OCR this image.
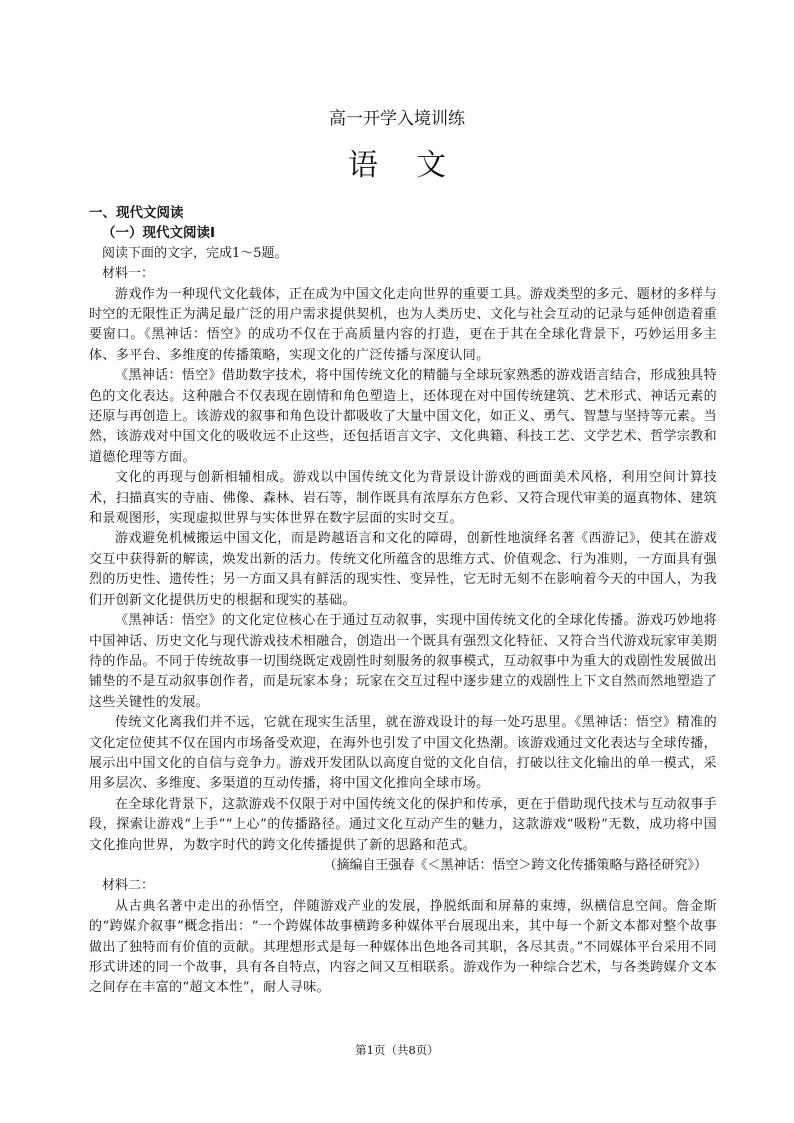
高一开学入境训练
语文
一、现代文阅读
（一）现代文阅读Ⅰ

阅读下面的文字，完成1～5题。

材料一：

游戏作为一种现代文化载体，正在成为中国文化走向世界的重要工具。游戏类型的多元、题材的多样与时空的无限性正为满足最广泛的用户需求提供契机，也为人类历史、文化与社会互动的记录与延伸创造着重要窗口。《黑神话：悟空》的成功不仅在于高质量内容的打造，更在于其在全球化背景下，巧妙运用多主体、多平台、多维度的传播策略，实现文化的广泛传播与深度认同。

《黑神话：悟空》借助数字技术，将中国传统文化的精髓与全球玩家熟悉的游戏语言结合，形成独具特色的文化表达。这种融合不仅表现在剧情和角色塑造上，还体现在对中国传统建筑、艺术形式、神话元素的还原与再创造上。该游戏的叙事和角色设计都吸收了大量中国文化，如正义、勇气、智慧与坚持等元素。当然，该游戏对中国文化的吸收远不止这些，还包括语言文字、文化典籍、科技工艺、文学艺术、哲学宗教和道德伦理等方面。

文化的再现与创新相辅相成。游戏以中国传统文化为背景设计游戏的画面美术风格，利用空间计算技术，扫描真实的寺庙、佛像、森林、岩石等，制作既具有浓厚东方色彩、又符合现代审美的逼真物体、建筑和景观图形，实现虚拟世界与实体世界在数字层面的实时交互。

游戏避免机械搬运中国文化，而是跨越语言和文化的障碍，创新性地演绎名著《西游记》，使其在游戏交互中获得新的解读，焕发出新的活力。传统文化所蕴含的思维方式、价值观念、行为准则，一方面具有强烈的历史性、遗传性；另一方面又具有鲜活的现实性、变异性，它无时无刻不在影响着今天的中国人，为我们开创新文化提供历史的根据和现实的基础。

《黑神话：悟空》的文化定位核心在于通过互动叙事，实现中国传统文化的全球化传播。游戏巧妙地将中国神话、历史文化与现代游戏技术相融合，创造出一个既具有强烈文化特征、又符合当代游戏玩家审美期待的作品。不同于传统故事一切围绕既定戏剧性时刻服务的叙事模式，互动叙事中为重大的戏剧性发展做出铺垫的不是互动叙事创作者，而是玩家本身；玩家在交互过程中逐步建立的戏剧性上下文自然而然地塑造了这些关键性的发展。

传统文化离我们并不远，它就在现实生活里，就在游戏设计的每一处巧思里。《黑神话：悟空》精准的文化定位使其不仅在国内市场备受欢迎，在海外也引发了中国文化热潮。该游戏通过文化表达与全球传播，展示出中国文化的自信与竞争力。游戏开发团队以高度自觉的文化自信，打破以往文化输出的单一模式，采用多层次、多维度、多渠道的互动传播，将中国文化推向全球市场。

在全球化背景下，这款游戏不仅限于对中国传统文化的保护和传承，更在于借助现代技术与互动叙事手段，探索让游戏“上手”“上心”的传播路径。通过文化互动产生的魅力，这款游戏“吸粉”无数，成功将中国文化推向世界，为数字时代的跨文化传播提供了新的思路和范式。

（摘编自王强春《＜黑神话：悟空＞跨文化传播策略与路径研究》）

材料二：

从古典名著中走出的孙悟空，伴随游戏产业的发展，挣脱纸面和屏幕的束缚，纵横信息空间。詹金斯的“跨媒介叙事”概念指出：“一个跨媒体故事横跨多种媒体平台展现出来，其中每一个新文本都对整个故事做出了独特而有价值的贡献。其理想形式是每一种媒体出色地各司其职，各尽其责。”不同媒体平台采用不同形式讲述的同一个故事，具有各自特点，内容之间又互相联系。游戏作为一种综合艺术，与各类跨媒介文本之间存在丰富的“超文本性”，耐人寻味。

第1页（共8页）
